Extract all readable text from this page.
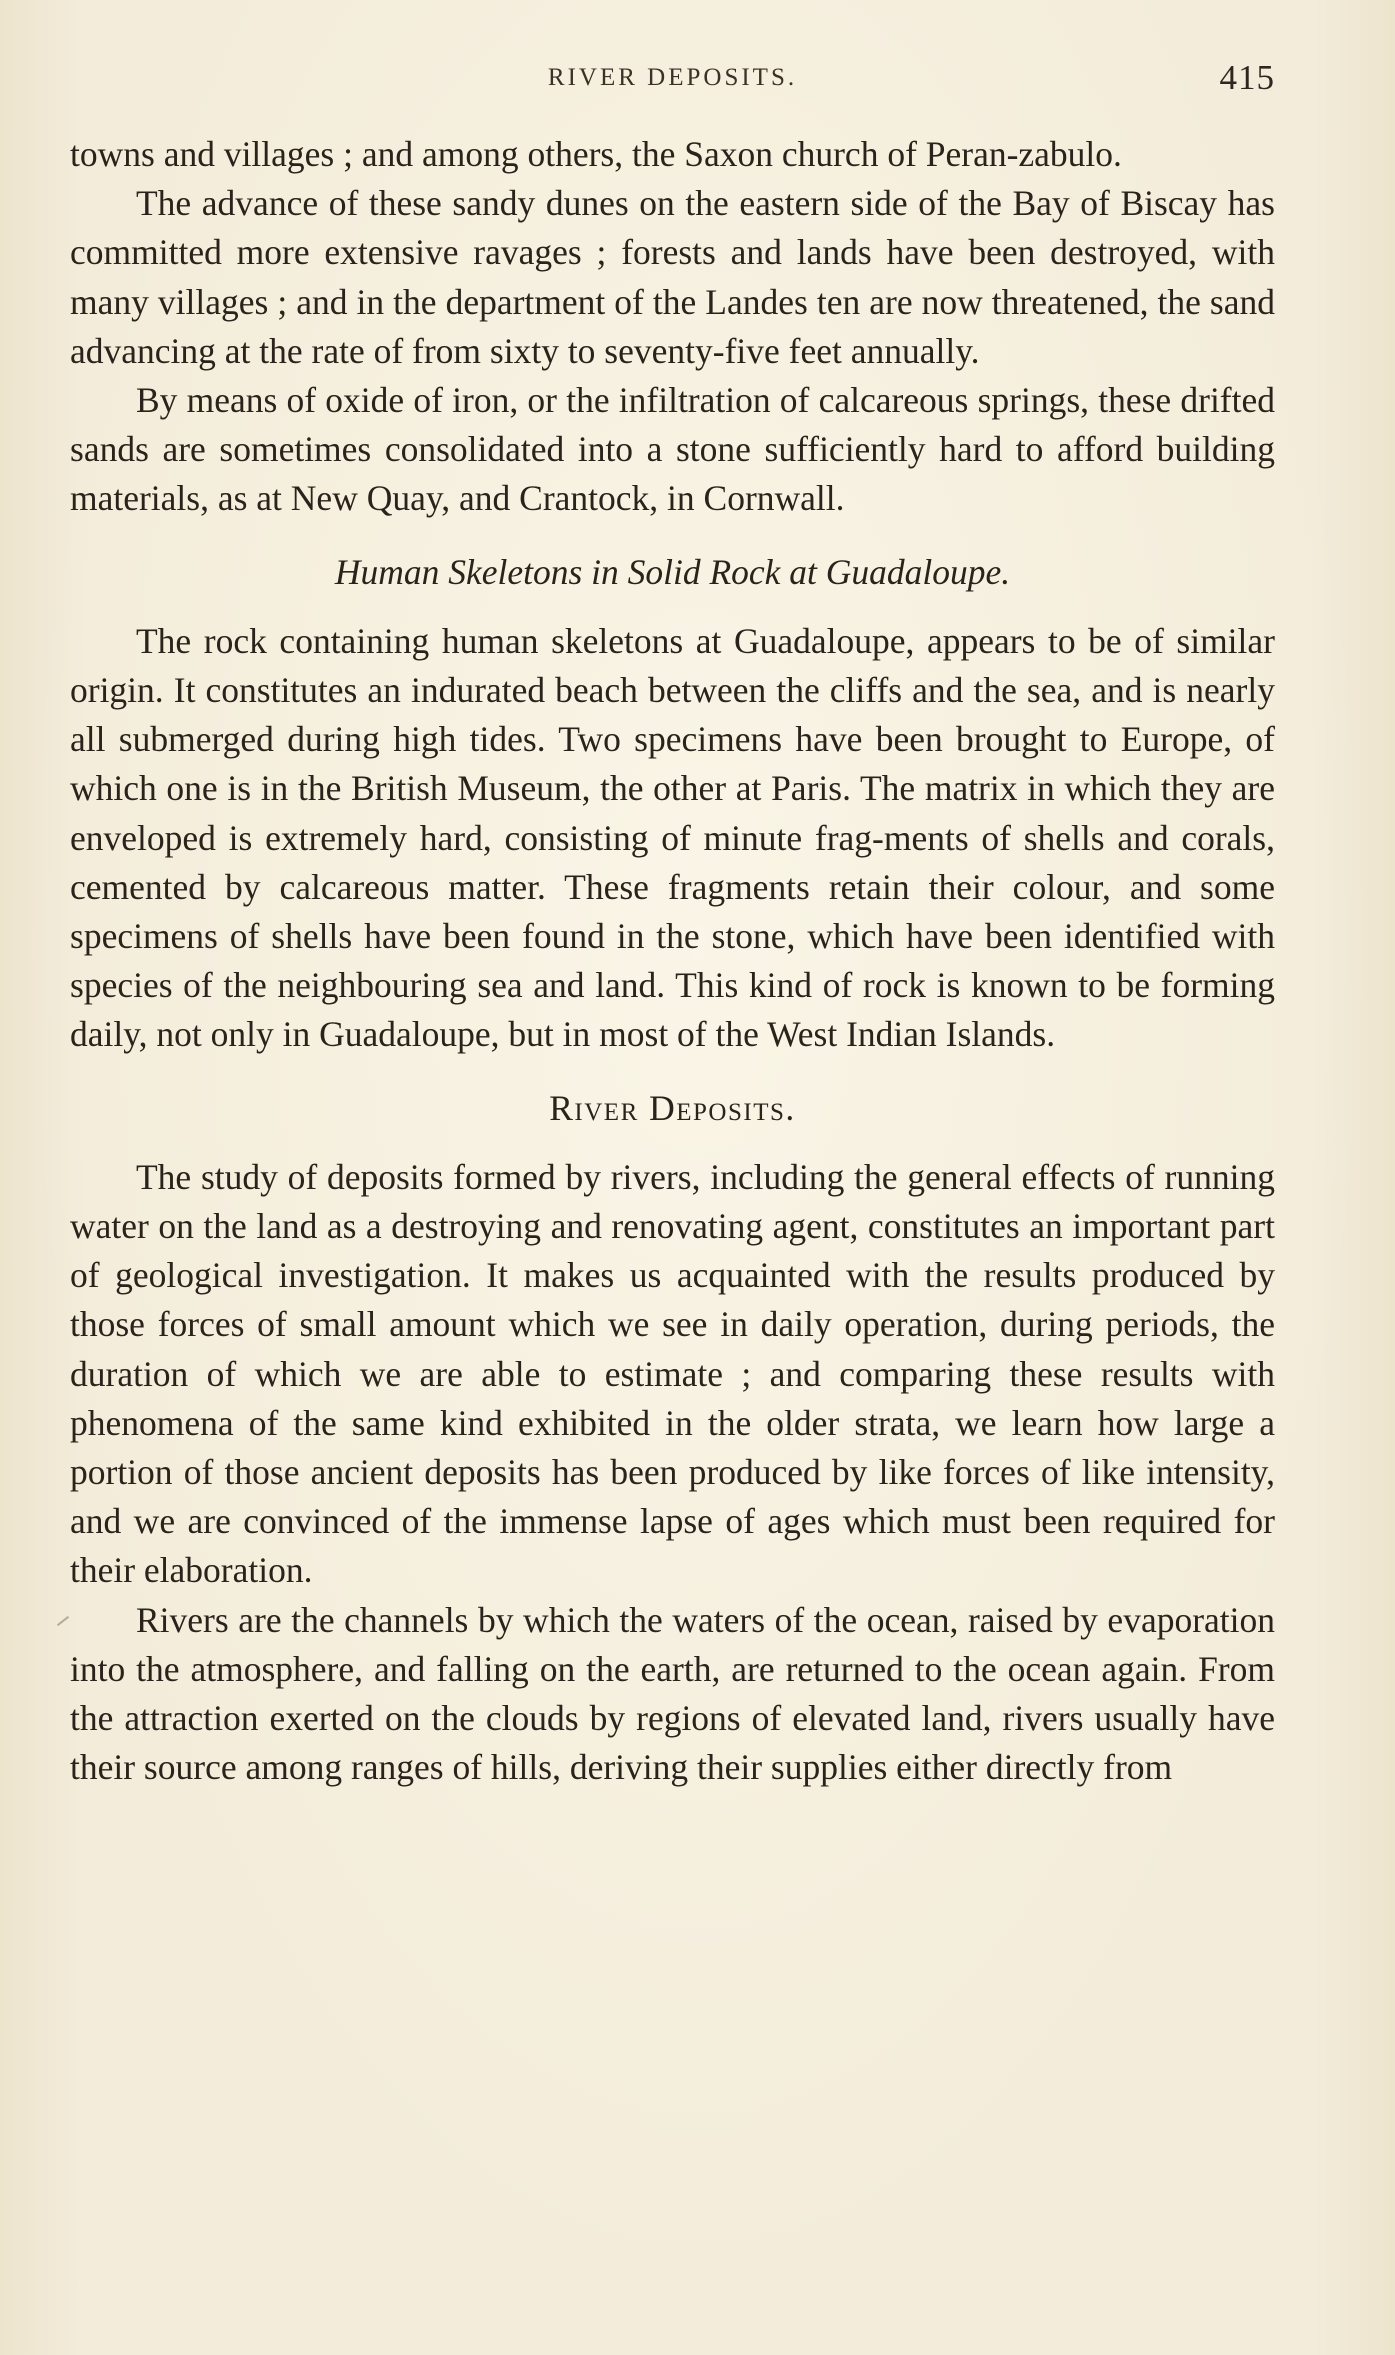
RIVER DEPOSITS.	415

towns and villages ; and among others, the Saxon church of Peran-zabulo.

The advance of these sandy dunes on the eastern side of the Bay of Biscay has committed more extensive ravages ; forests and lands have been destroyed, with many villages ; and in the department of the Landes ten are now threatened, the sand advancing at the rate of from sixty to seventy-five feet annually.

By means of oxide of iron, or the infiltration of calcareous springs, these drifted sands are sometimes consolidated into a stone sufficiently hard to afford building materials, as at New Quay, and Crantock, in Cornwall.

Human Skeletons in Solid Rock at Guadaloupe.

The rock containing human skeletons at Guadaloupe, appears to be of similar origin. It constitutes an indurated beach between the cliffs and the sea, and is nearly all submerged during high tides. Two specimens have been brought to Europe, of which one is in the British Museum, the other at Paris. The matrix in which they are enveloped is extremely hard, consisting of minute frag-ments of shells and corals, cemented by calcareous matter. These fragments retain their colour, and some specimens of shells have been found in the stone, which have been identified with species of the neighbouring sea and land. This kind of rock is known to be forming daily, not only in Guadaloupe, but in most of the West Indian Islands.

River Deposits.

The study of deposits formed by rivers, including the general effects of running water on the land as a destroying and renovating agent, constitutes an important part of geological investigation. It makes us acquainted with the results produced by those forces of small amount which we see in daily operation, during periods, the duration of which we are able to estimate ; and comparing these results with phenomena of the same kind exhibited in the older strata, we learn how large a portion of those ancient deposits has been produced by like forces of like intensity, and we are convinced of the immense lapse of ages which must been required for their elaboration.

Rivers are the channels by which the waters of the ocean, raised by evaporation into the atmosphere, and falling on the earth, are returned to the ocean again. From the attraction exerted on the clouds by regions of elevated land, rivers usually have their source among ranges of hills, deriving their supplies either directly from
